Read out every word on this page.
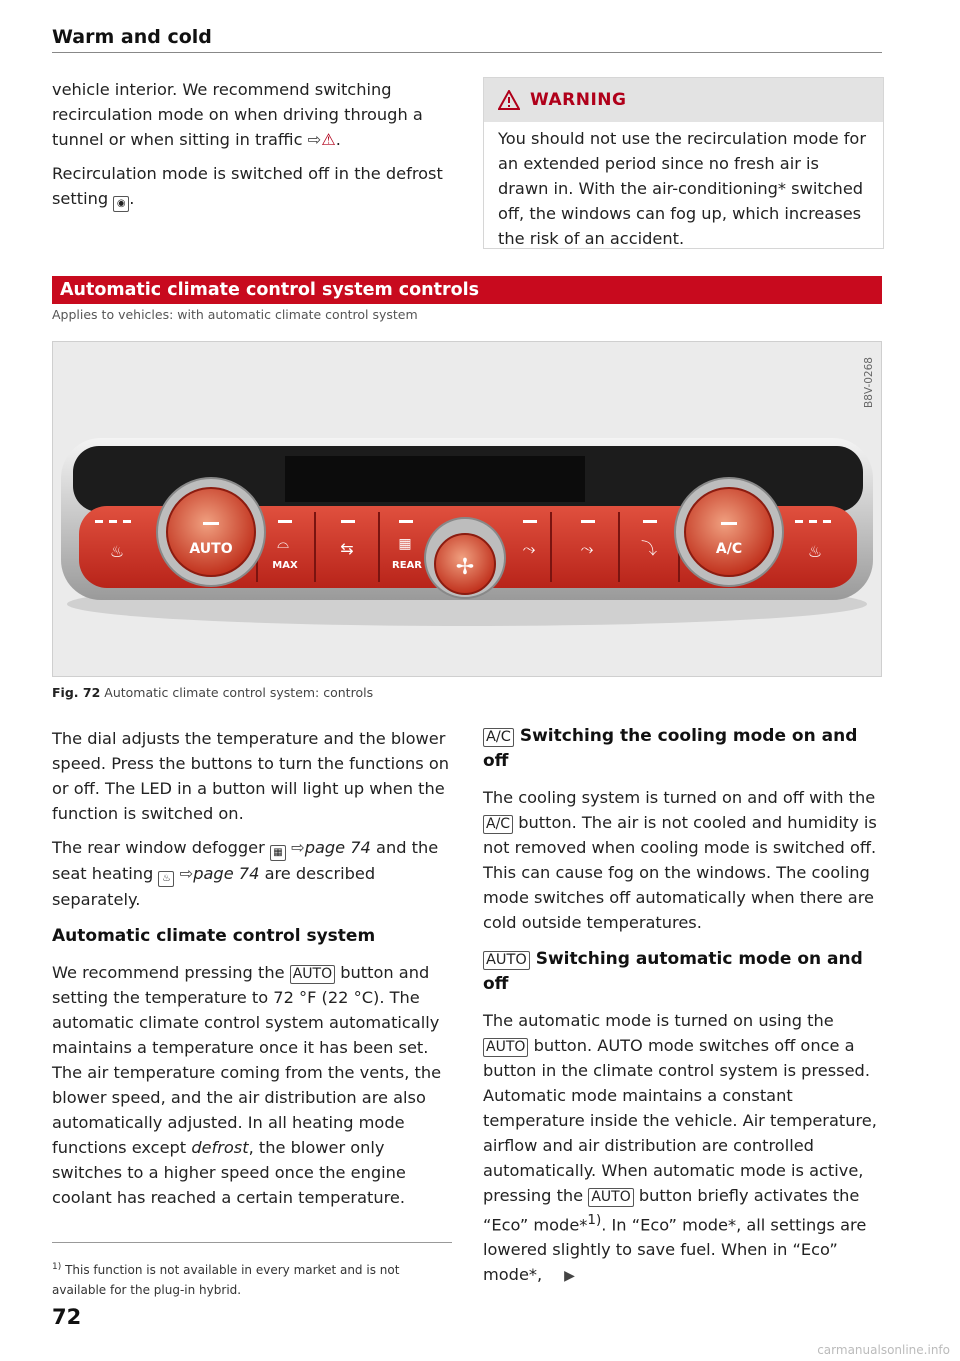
Warm and cold

vehicle interior. We recommend switching recirculation mode on when driving through a tunnel or when sitting in traffic ⇨⚠.

Recirculation mode is switched off in the defrost setting ◉ .

WARNING
You should not use the recirculation mode for an extended period since no fresh air is drawn in. With the air-conditioning* switched off, the windows can fog up, which increases the risk of an accident.
Automatic climate control system controls
Applies to vehicles: with automatic climate control system
B8V-0268
♨	⌓
MAX
⇆	▦
REAR
⤳	⤳	⤵	♨
AUTO
✢
A/C
Fig. 72 Automatic climate control system: controls

The dial adjusts the temperature and the blower speed. Press the buttons to turn the functions on or off. The LED in a button will light up when the function is switched on.

The rear window defogger ▦ ⇨page 74 and the seat heating ♨ ⇨page 74 are described separately.

Automatic climate control system

We recommend pressing the AUTO button and setting the temperature to 72 °F (22 °C). The automatic climate control system automatically maintains a temperature once it has been set. The air temperature coming from the vents, the blower speed, and the air distribution are also automatically adjusted. In all heating mode functions except defrost, the blower only switches to a higher speed once the engine coolant has reached a certain temperature.

A/C Switching the cooling mode on and off

The cooling system is turned on and off with the A/C button. The air is not cooled and humidity is not removed when cooling mode is switched off. This can cause fog on the windows. The cooling mode switches off automatically when there are cold outside temperatures.

AUTO Switching automatic mode on and off

The automatic mode is turned on using the AUTO button. AUTO mode switches off once a button in the climate control system is pressed. Automatic mode maintains a constant temperature inside the vehicle. Air temperature, airflow and air distribution are controlled automatically. When automatic mode is active, pressing the AUTO button briefly activates the “Eco” mode*$^{1)}$. In “Eco” mode*, all settings are lowered slightly to save fuel. When in “Eco” mode*, ▶

$^{1)}$ This function is not available in every market and is not available for the plug-in hybrid.
72
carmanualsonline.info
